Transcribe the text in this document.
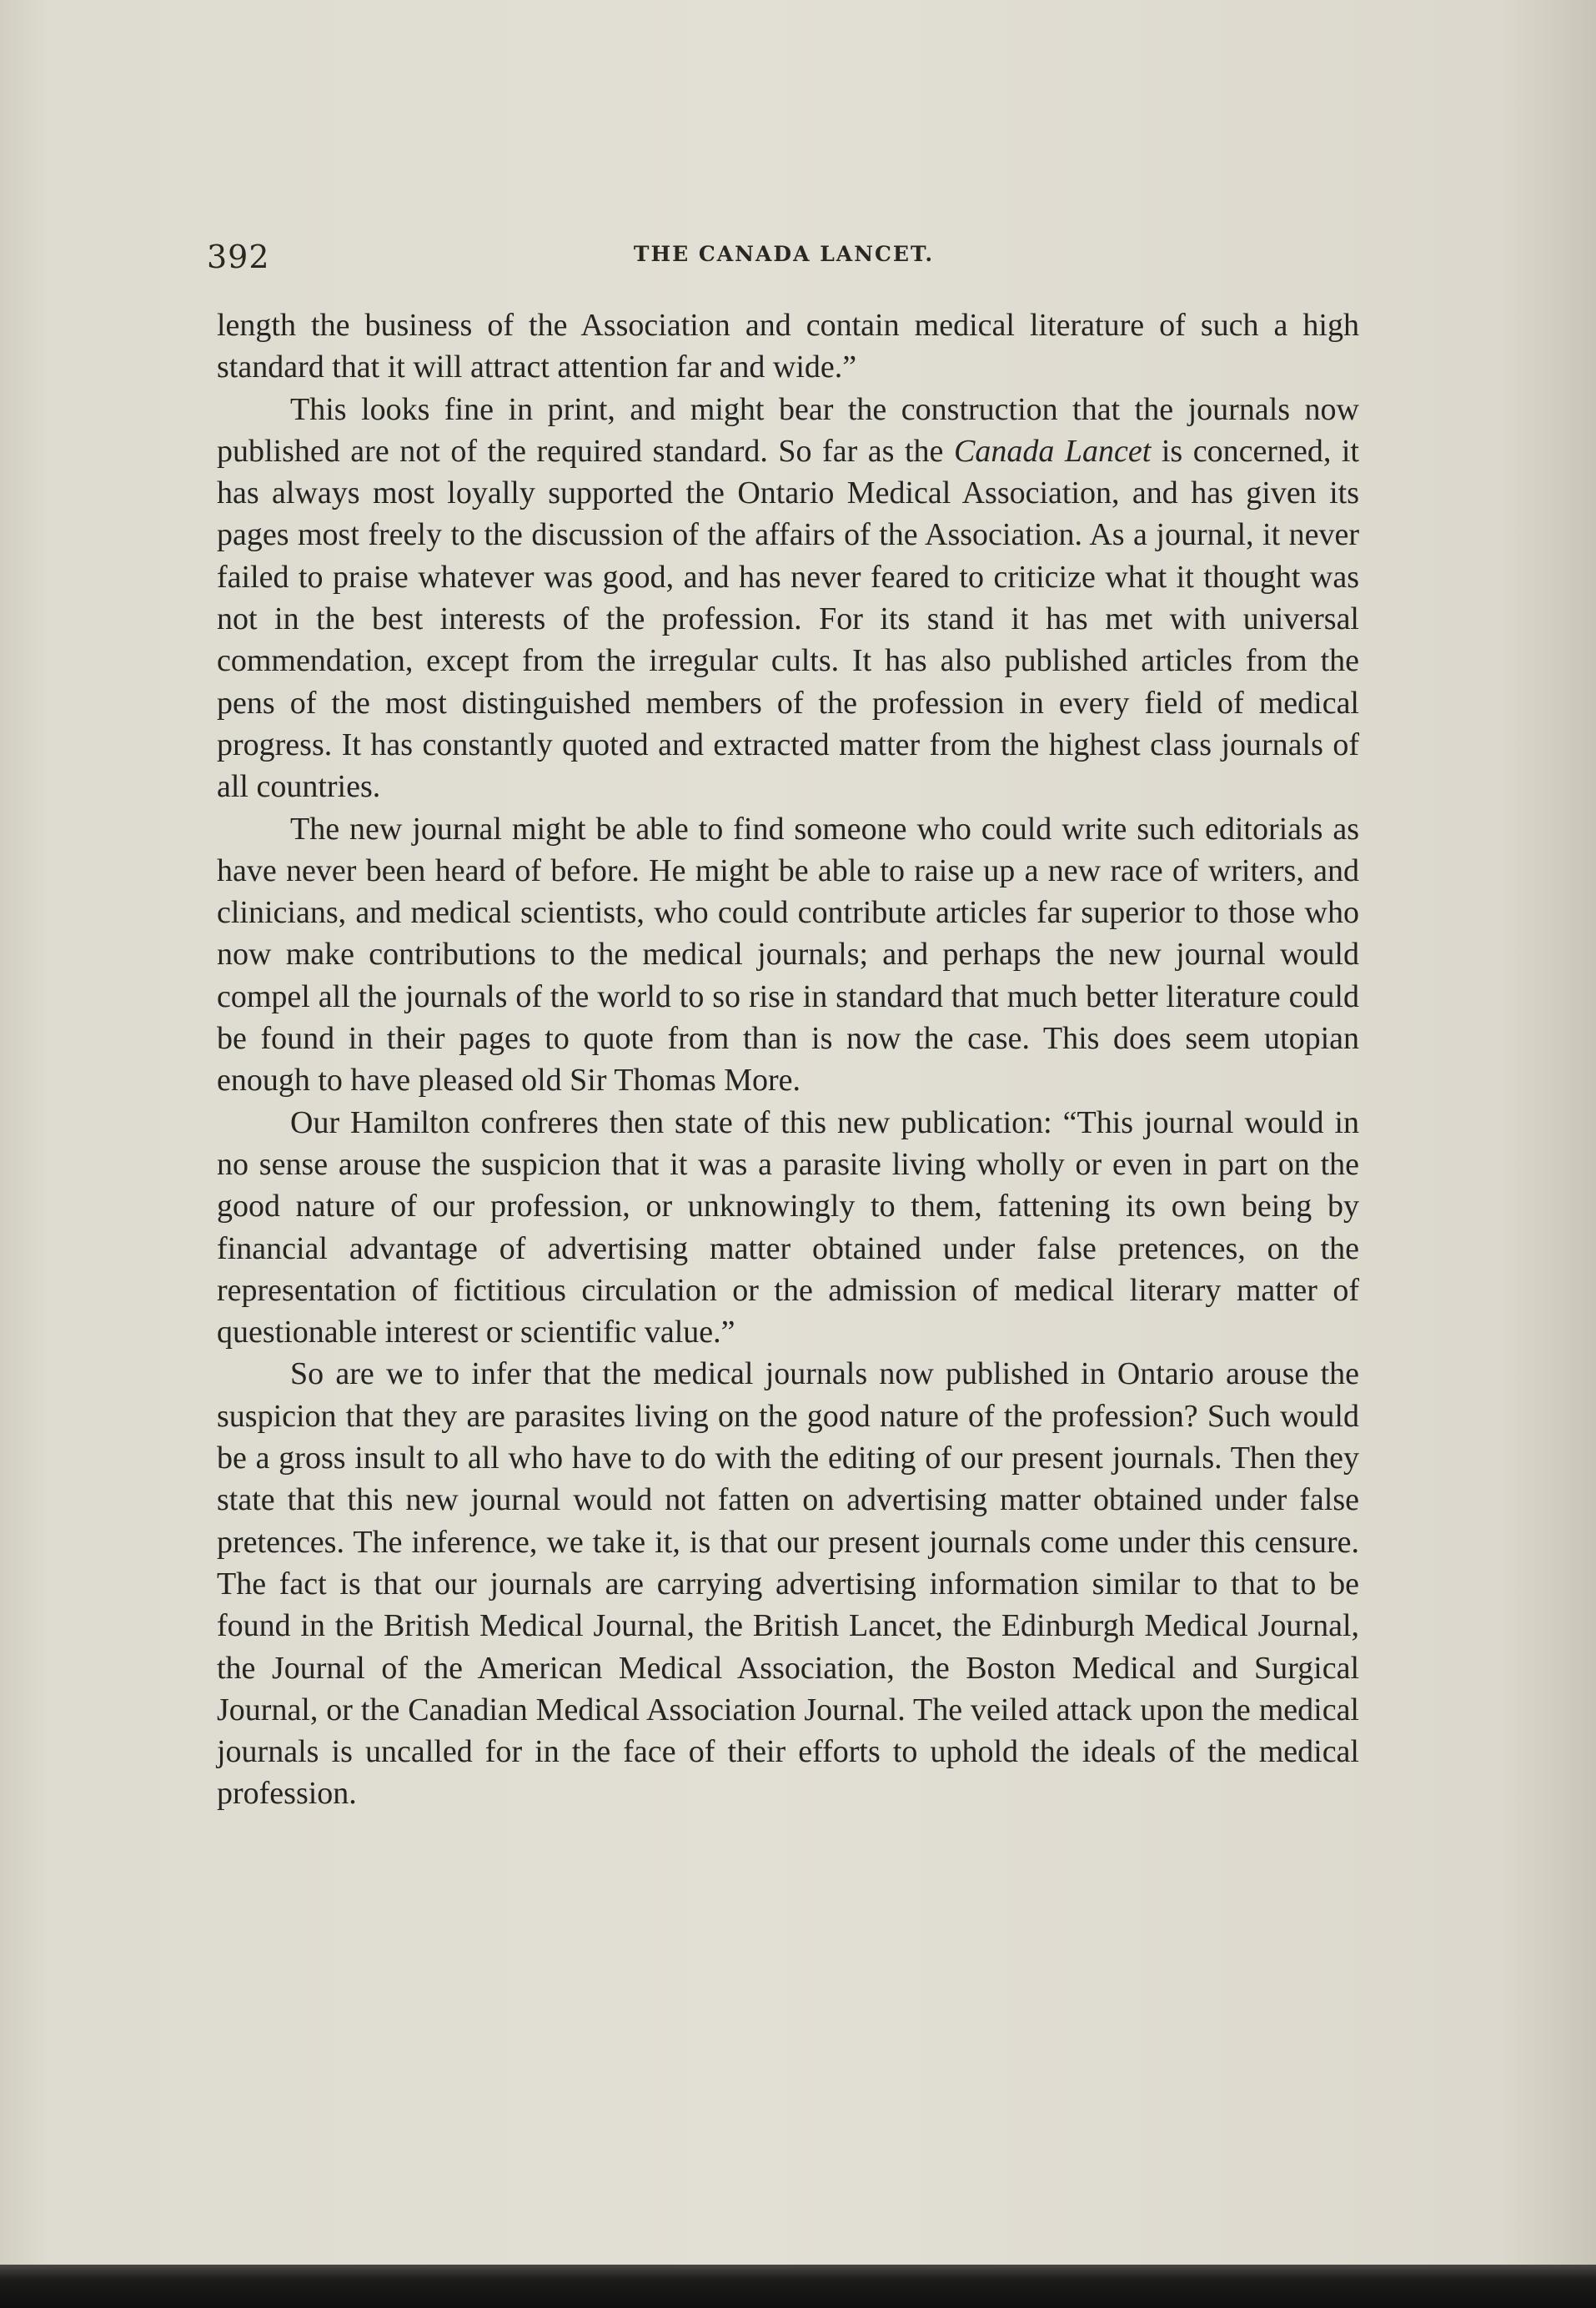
392	THE CANADA LANCET.

length the business of the Association and contain medical literature of such a high standard that it will attract attention far and wide.”

This looks fine in print, and might bear the construction that the journals now published are not of the required standard. So far as the Canada Lancet is concerned, it has always most loyally supported the Ontario Medical Association, and has given its pages most freely to the discussion of the affairs of the Association. As a journal, it never failed to praise whatever was good, and has never feared to criticize what it thought was not in the best interests of the profession. For its stand it has met with universal commendation, except from the irregular cults. It has also published articles from the pens of the most distinguished members of the profession in every field of medical progress. It has constantly quoted and extracted matter from the highest class journals of all countries.

The new journal might be able to find someone who could write such editorials as have never been heard of before. He might be able to raise up a new race of writers, and clinicians, and medical scientists, who could contribute articles far superior to those who now make contributions to the medical journals; and perhaps the new journal would compel all the journals of the world to so rise in standard that much better literature could be found in their pages to quote from than is now the case. This does seem utopian enough to have pleased old Sir Thomas More.

Our Hamilton confreres then state of this new publication: “This journal would in no sense arouse the suspicion that it was a parasite living wholly or even in part on the good nature of our profession, or unknowingly to them, fattening its own being by financial advantage of advertising matter obtained under false pretences, on the representation of fictitious circulation or the admission of medical literary matter of questionable interest or scientific value.”

So are we to infer that the medical journals now published in Ontario arouse the suspicion that they are parasites living on the good nature of the profession? Such would be a gross insult to all who have to do with the editing of our present journals. Then they state that this new journal would not fatten on advertising matter obtained under false pretences. The inference, we take it, is that our present journals come under this censure. The fact is that our journals are carrying advertising information similar to that to be found in the British Medical Journal, the British Lancet, the Edinburgh Medical Journal, the Journal of the American Medical Association, the Boston Medical and Surgical Journal, or the Canadian Medical Association Journal. The veiled attack upon the medical journals is uncalled for in the face of their efforts to uphold the ideals of the medical profession.
